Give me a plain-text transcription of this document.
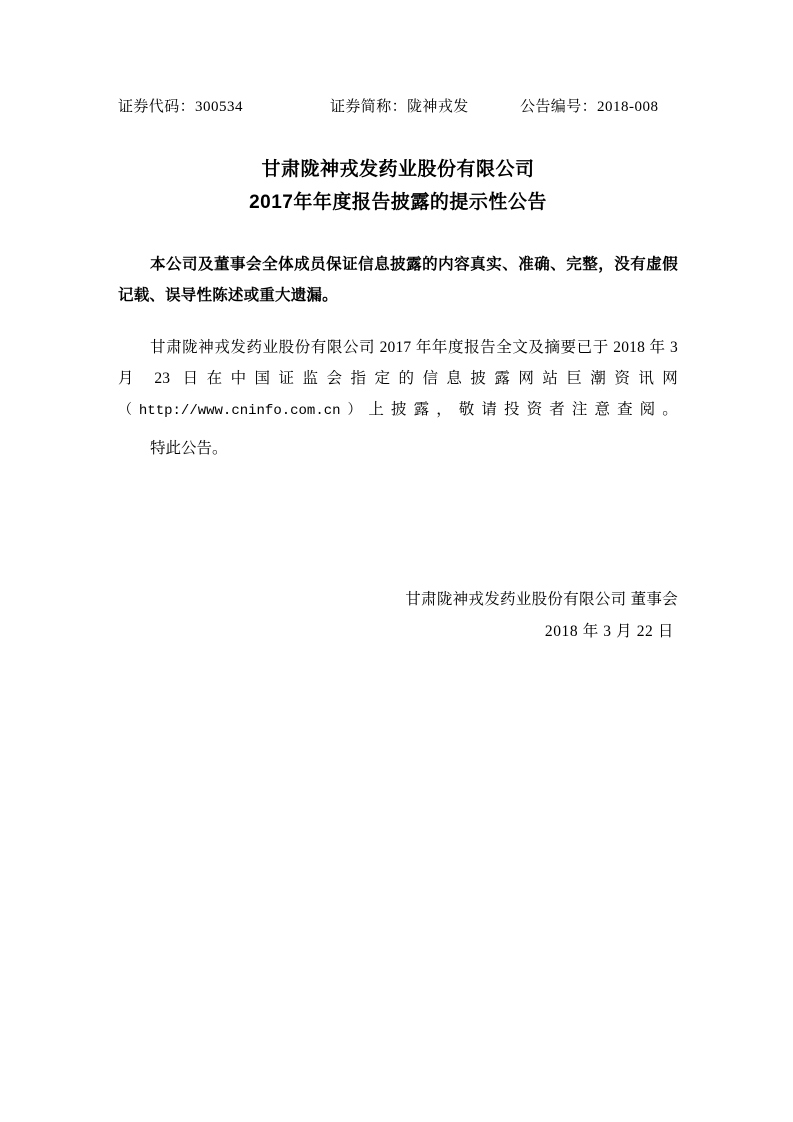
证券代码：300534	证券简称：陇神戎发	公告编号：2018-008
甘肃陇神戎发药业股份有限公司
2017年年度报告披露的提示性公告
本公司及董事会全体成员保证信息披露的内容真实、准确、完整，没有虚假记载、误导性陈述或重大遗漏。
甘肃陇神戎发药业股份有限公司 2017 年年度报告全文及摘要已于 2018 年 3 月 23 日在中国证监会指定的信息披露网站巨潮资讯网（http://www.cninfo.com.cn）上披露，敬请投资者注意查阅。
特此公告。
甘肃陇神戎发药业股份有限公司 董事会
2018 年 3 月 22 日
